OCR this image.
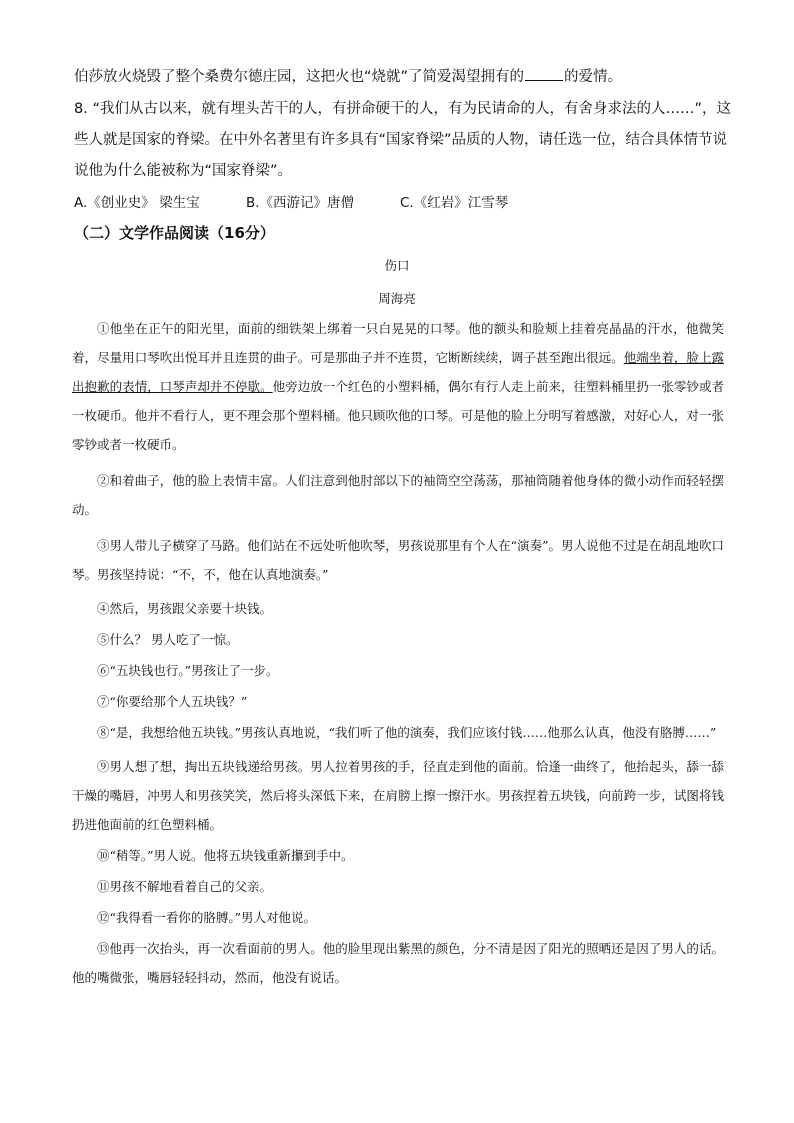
伯莎放火烧毁了整个桑费尔德庄园，这把火也“烧就”了简爱渴望拥有的	的爱情。
8. “我们从古以来，就有埋头苦干的人，有拼命硬干的人，有为民请命的人，有舍身求法的人……”，这
些人就是国家的脊梁。在中外名著里有许多具有“国家脊梁”品质的人物，请任选一位，结合具体情节说
说他为什么能被称为“国家脊梁”。
A.《创业史》 梁生宝	B.《西游记》唐僧	C.《红岩》江雪琴
（二）文学作品阅读（16分）
伤口
周海亮

①他坐在正午的阳光里，面前的细铁架上绑着一只白晃晃的口琴。他的额头和脸颊上挂着亮晶晶的汗水，他微笑着，尽量用口琴吹出悦耳并且连贯的曲子。可是那曲子并不连贯，它断断续续，调子甚至跑出很远。他端坐着，脸上露出抱歉的表情，口琴声却并不停歇。他旁边放一个红色的小塑料桶，偶尔有行人走上前来，往塑料桶里扔一张零钞或者一枚硬币。他并不看行人，更不理会那个塑料桶。他只顾吹他的口琴。可是他的脸上分明写着感激，对好心人，对一张零钞或者一枚硬币。

②和着曲子，他的脸上表情丰富。人们注意到他肘部以下的袖筒空空荡荡，那袖筒随着他身体的微小动作而轻轻摆动。

③男人带儿子横穿了马路。他们站在不远处听他吹琴，男孩说那里有个人在“演奏”。男人说他不过是在胡乱地吹口琴。男孩坚持说：“不，不，他在认真地演奏。”

④然后，男孩跟父亲要十块钱。

⑤什么？ 男人吃了一惊。

⑥“五块钱也行。”男孩让了一步。

⑦“你要给那个人五块钱？”

⑧“是，我想给他五块钱。”男孩认真地说，“我们听了他的演奏，我们应该付钱……他那么认真，他没有胳膊……”

⑨男人想了想，掏出五块钱递给男孩。男人拉着男孩的手，径直走到他的面前。恰逢一曲终了，他抬起头，舔一舔干燥的嘴唇，冲男人和男孩笑笑，然后将头深低下来，在肩膀上擦一擦汗水。男孩捏着五块钱，向前跨一步，试图将钱扔进他面前的红色塑料桶。

⑩“稍等。”男人说。他将五块钱重新攥到手中。

⑪男孩不解地看着自己的父亲。

⑫“我得看一看你的胳膊。”男人对他说。

⑬他再一次抬头，再一次看面前的男人。他的脸里现出紫黑的颜色，分不清是因了阳光的照晒还是因了男人的话。他的嘴微张，嘴唇轻轻抖动，然而，他没有说话。
